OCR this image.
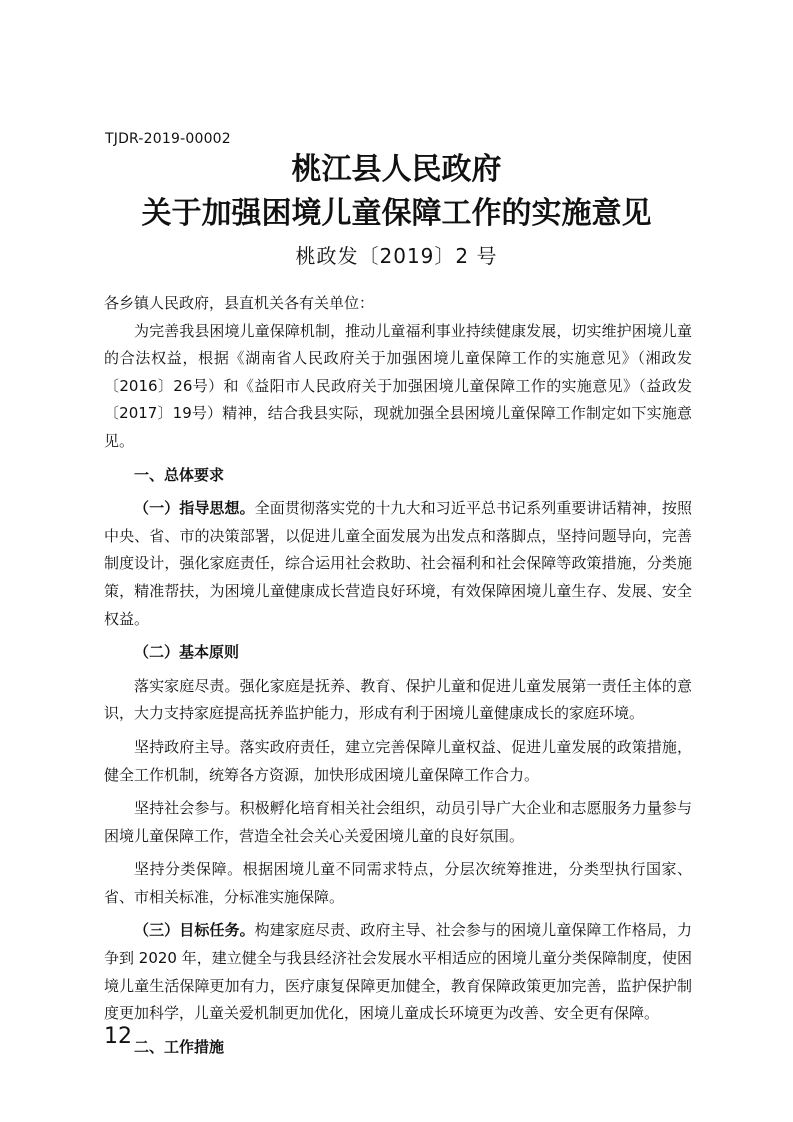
TJDR-2019-00002
桃江县人民政府
关于加强困境儿童保障工作的实施意见
桃政发〔2019〕2 号

各乡镇人民政府，县直机关各有关单位：

为完善我县困境儿童保障机制，推动儿童福利事业持续健康发展，切实维护困境儿童的合法权益，根据《湖南省人民政府关于加强困境儿童保障工作的实施意见》（湘政发〔2016〕26号）和《益阳市人民政府关于加强困境儿童保障工作的实施意见》（益政发〔2017〕19号）精神，结合我县实际，现就加强全县困境儿童保障工作制定如下实施意见。

一、总体要求

（一）指导思想。全面贯彻落实党的十九大和习近平总书记系列重要讲话精神，按照中央、省、市的决策部署，以促进儿童全面发展为出发点和落脚点，坚持问题导向，完善制度设计，强化家庭责任，综合运用社会救助、社会福利和社会保障等政策措施，分类施策，精准帮扶，为困境儿童健康成长营造良好环境，有效保障困境儿童生存、发展、安全权益。

（二）基本原则

落实家庭尽责。强化家庭是抚养、教育、保护儿童和促进儿童发展第一责任主体的意识，大力支持家庭提高抚养监护能力，形成有利于困境儿童健康成长的家庭环境。

坚持政府主导。落实政府责任，建立完善保障儿童权益、促进儿童发展的政策措施，健全工作机制，统筹各方资源，加快形成困境儿童保障工作合力。

坚持社会参与。积极孵化培育相关社会组织，动员引导广大企业和志愿服务力量参与困境儿童保障工作，营造全社会关心关爱困境儿童的良好氛围。

坚持分类保障。根据困境儿童不同需求特点，分层次统筹推进，分类型执行国家、省、市相关标准，分标准实施保障。

（三）目标任务。构建家庭尽责、政府主导、社会参与的困境儿童保障工作格局，力争到 2020 年，建立健全与我县经济社会发展水平相适应的困境儿童分类保障制度，使困境儿童生活保障更加有力，医疗康复保障更加健全，教育保障政策更加完善，监护保护制度更加科学，儿童关爱机制更加优化，困境儿童成长环境更为改善、安全更有保障。

二、工作措施

12
